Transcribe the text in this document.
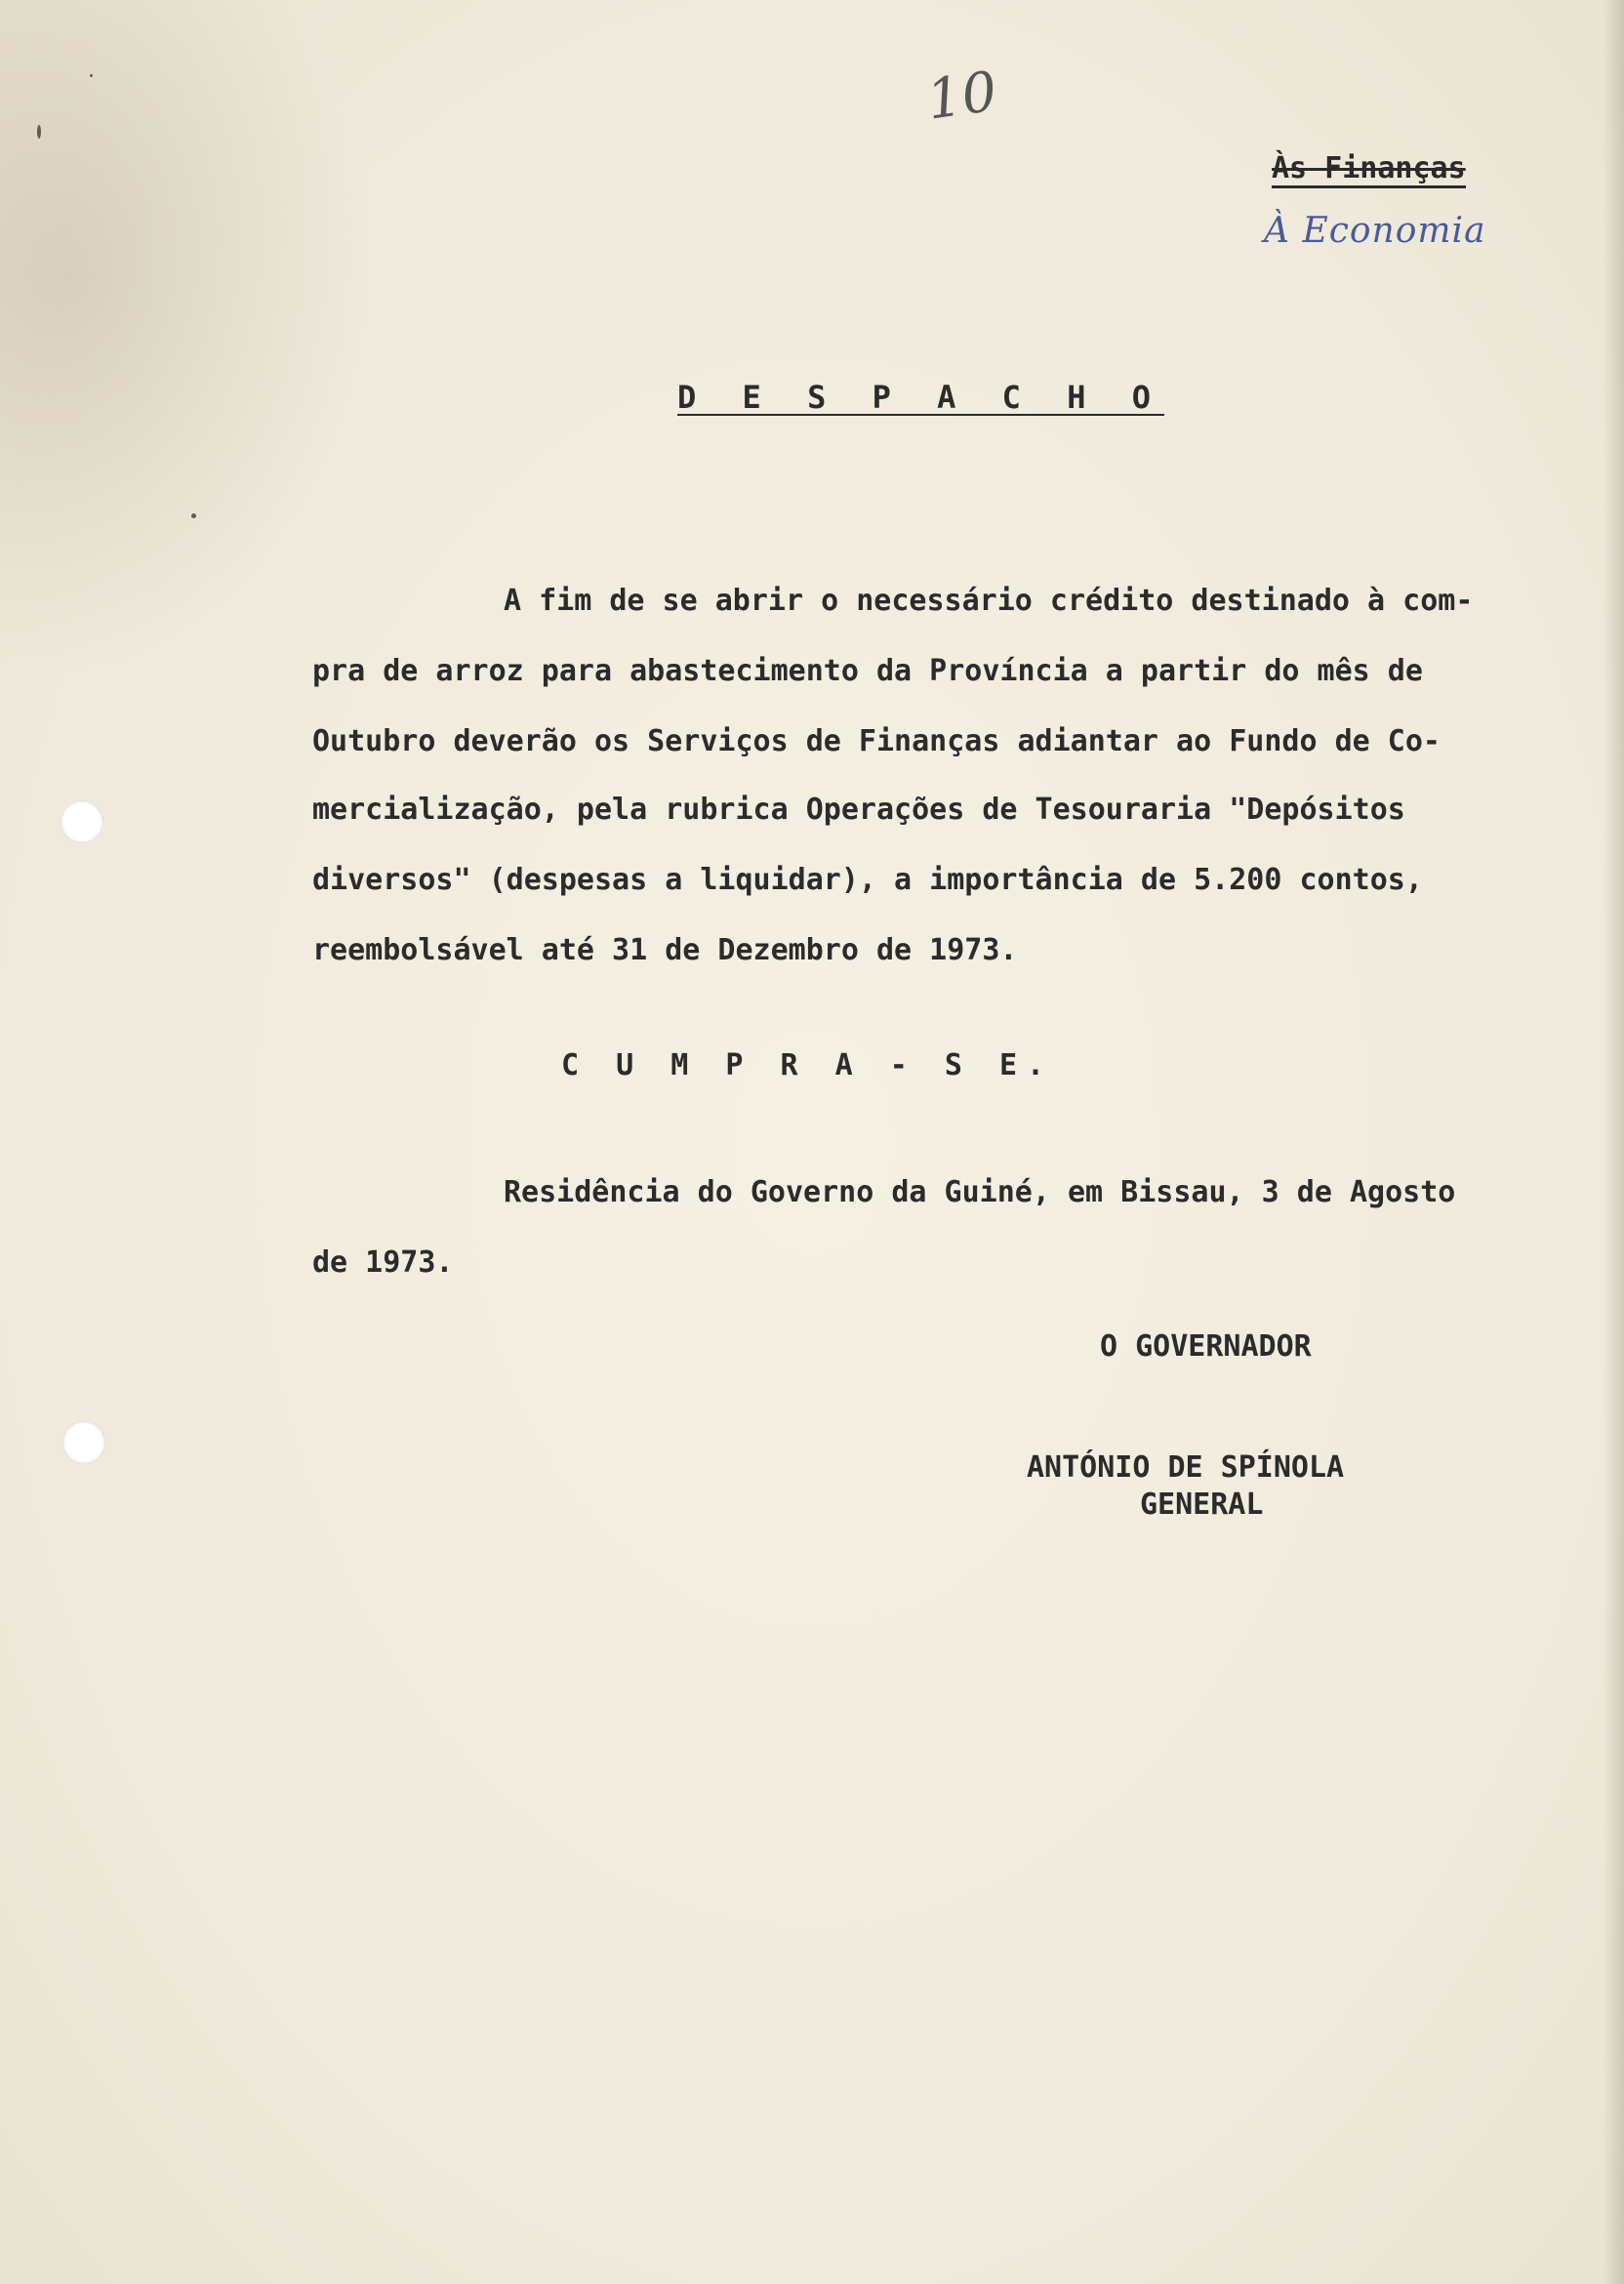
10
Às Finanças
À Economia
D E S P A C H O
A fim de se abrir o necessário crédito destinado à com-
pra de arroz para abastecimento da Província a partir do mês de
Outubro deverão os Serviços de Finanças adiantar ao Fundo de Co-
mercialização, pela rubrica Operações de Tesouraria "Depósitos
diversos" (despesas a liquidar), a importância de 5.200 contos,
reembolsável até 31 de Dezembro de 1973.
C U M P R A - S E.
Residência do Governo da Guiné, em Bissau, 3 de Agosto
de 1973.
O GOVERNADOR
ANTÓNIO DE SPÍNOLA
GENERAL
